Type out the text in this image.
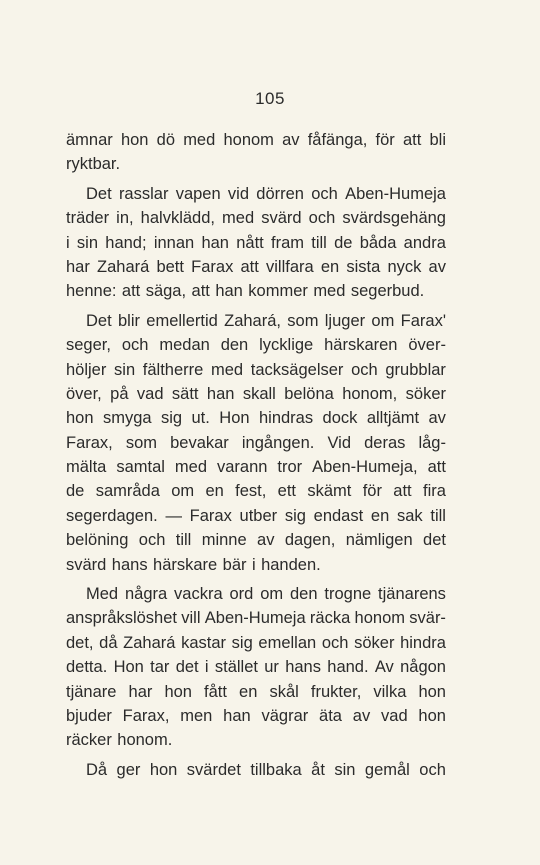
105
ämnar hon dö med honom av fåfänga, för att bli
ryktbar.
Det rasslar vapen vid dörren och Aben-Humeja
träder in, halvklädd, med svärd och svärdsgehäng
i sin hand; innan han nått fram till de båda andra
har Zahará bett Farax att villfara en sista nyck av
henne: att säga, att han kommer med segerbud.
Det blir emellertid Zahará, som ljuger om Farax'
seger, och medan den lycklige härskaren över-
höljer sin fältherre med tacksägelser och grubblar
över, på vad sätt han skall belöna honom, söker
hon smyga sig ut. Hon hindras dock alltjämt av
Farax, som bevakar ingången. Vid deras låg-
mälta samtal med varann tror Aben-Humeja, att
de samråda om en fest, ett skämt för att fira
segerdagen. — Farax utber sig endast en sak till
belöning och till minne av dagen, nämligen det
svärd hans härskare bär i handen.
Med några vackra ord om den trogne tjänarens
anspråkslöshet vill Aben-Humeja räcka honom svär-
det, då Zahará kastar sig emellan och söker hindra
detta. Hon tar det i stället ur hans hand. Av någon
tjänare har hon fått en skål frukter, vilka hon
bjuder Farax, men han vägrar äta av vad hon
räcker honom.
Då ger hon svärdet tillbaka åt sin gemål och
